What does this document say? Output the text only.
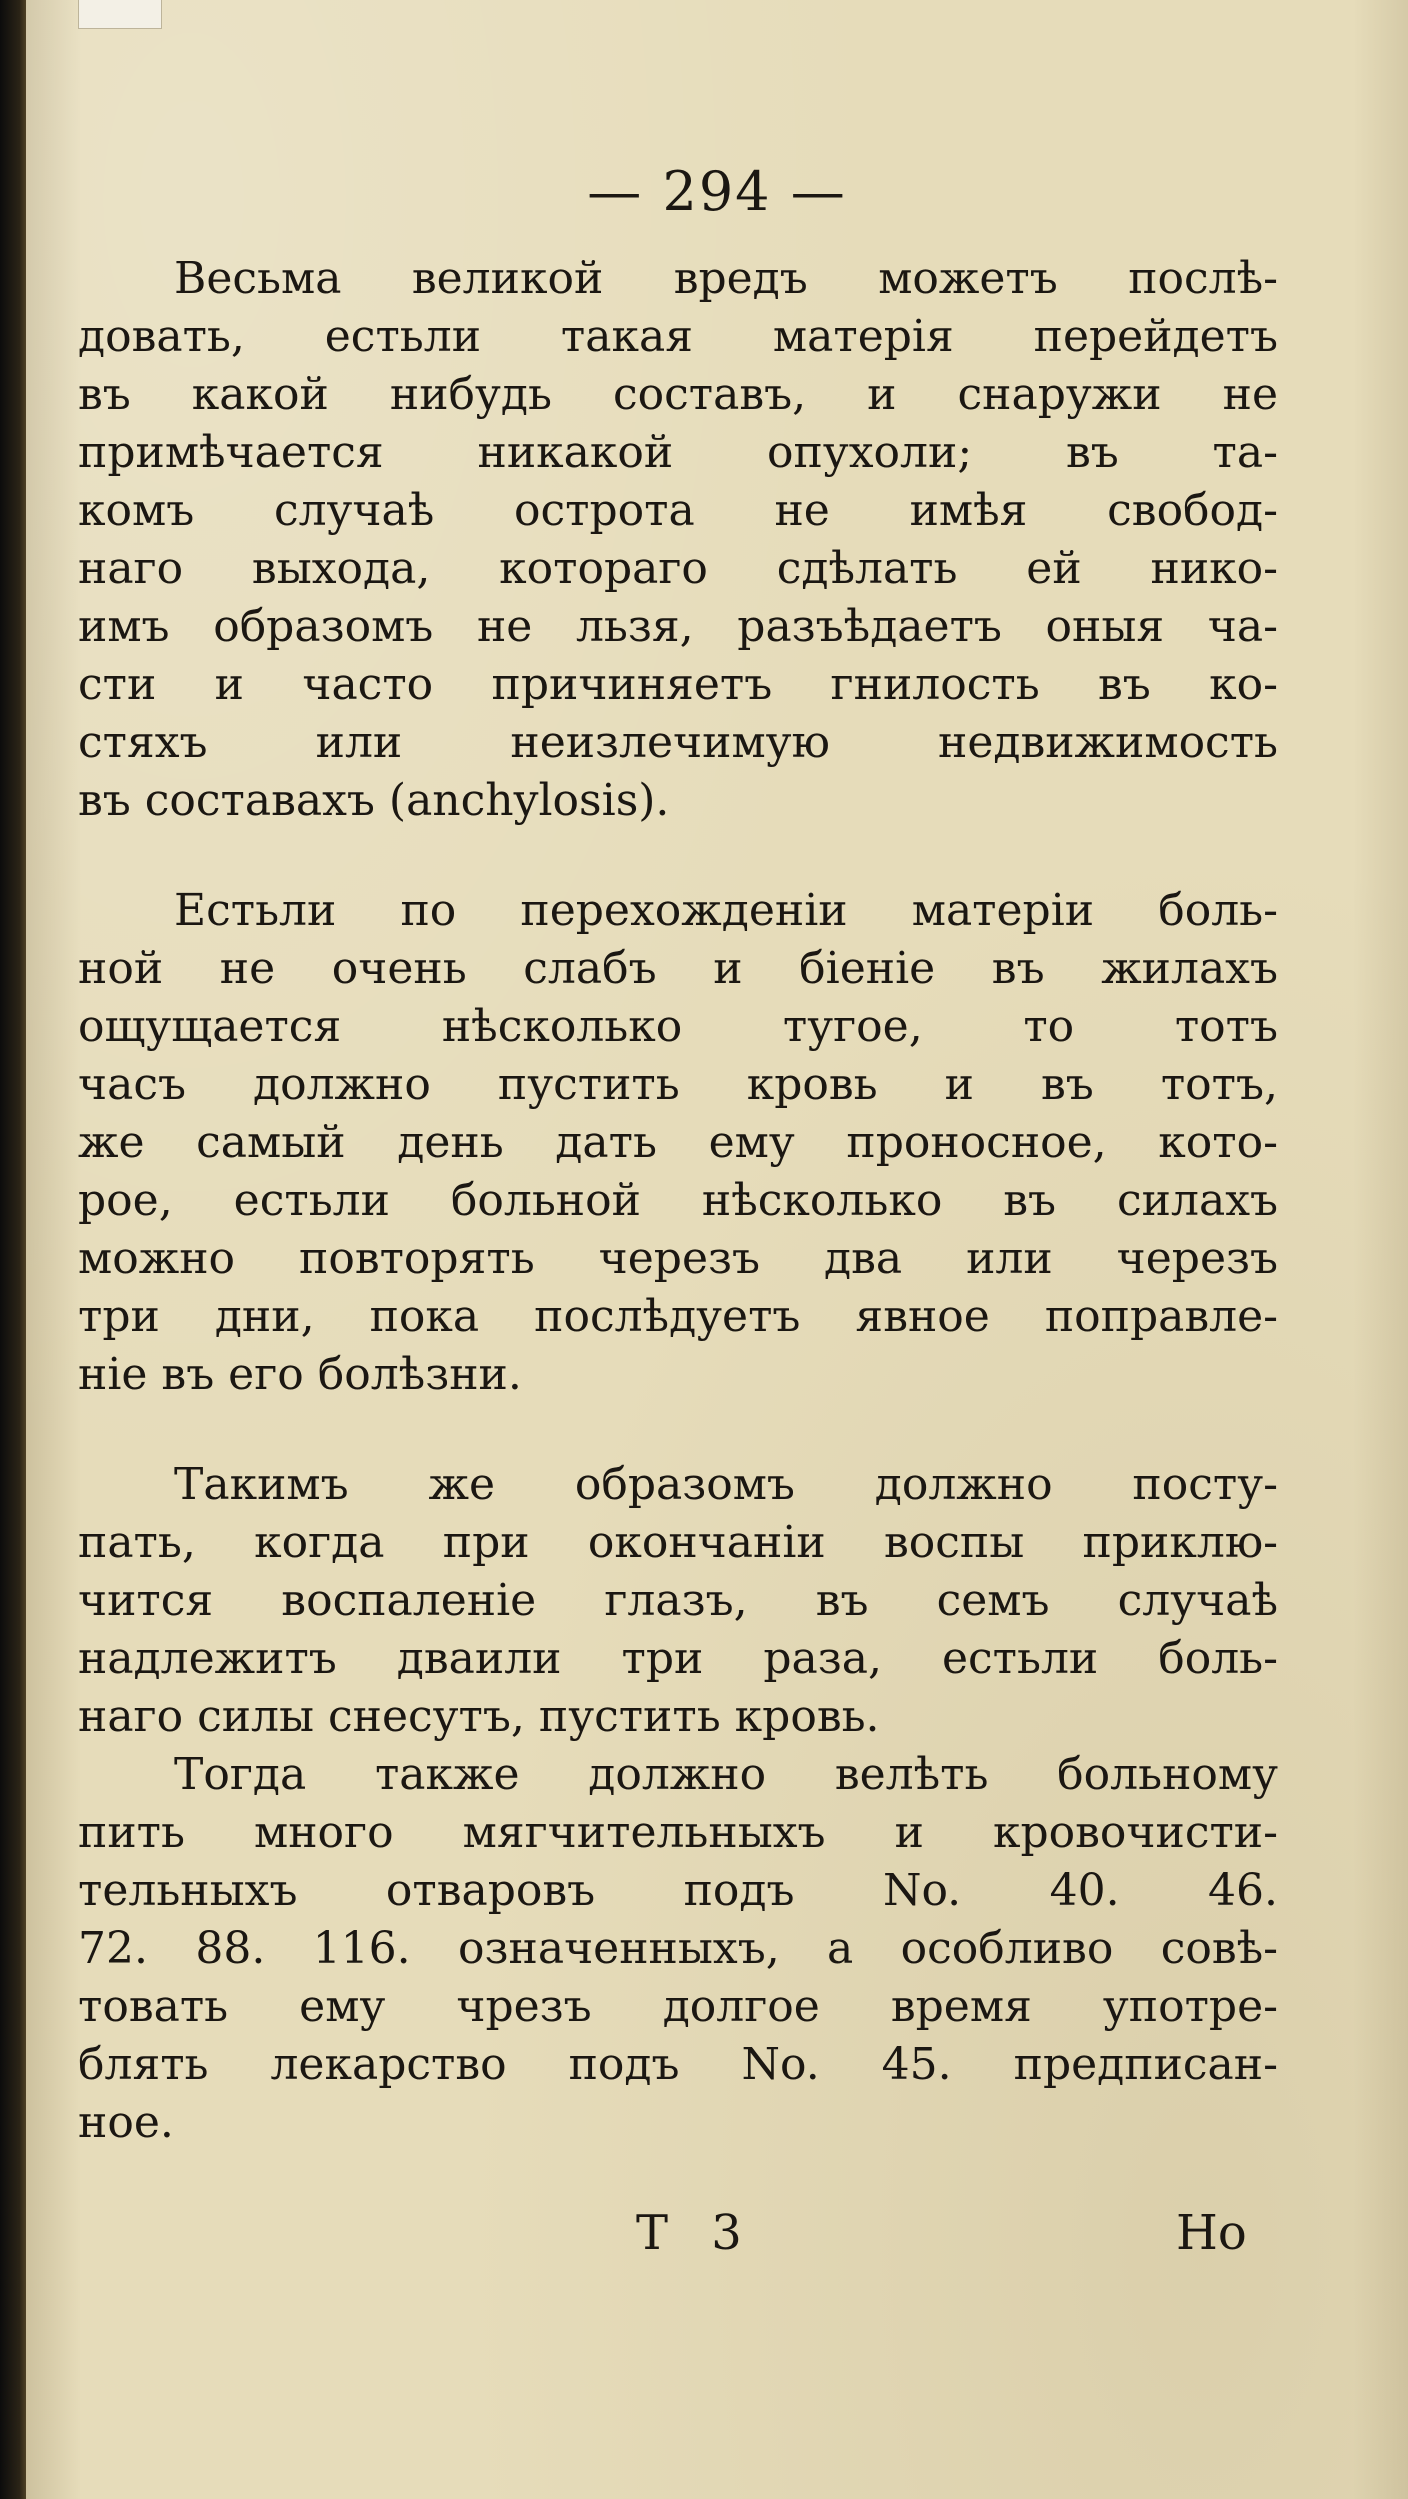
— 294 —
Весьма великой вредъ можетъ послѣ-
довать, естьли такая матерія перейдетъ
въ какой нибудь составъ, и снаружи не
примѣчается никакой опухоли; въ та-
комъ случаѣ острота не имѣя свобод-
наго выхода, котораго сдѣлать ей нико-
имъ образомъ не льзя, разъѣдаетъ оныя ча-
сти и часто причиняетъ гнилость въ ко-
стяхъ или неизлечимую недвижимость
въ составахъ (anchylosis).
Естьли по перехожденіи матеріи боль-
ной не очень слабъ и біеніе въ жилахъ
ощущается нѣсколько тугое, то тотъ
часъ должно пустить кровь и въ тотъ,
же самый день дать ему проносное, кото-
рое, естьли больной нѣсколько въ силахъ
можно повторять черезъ два или черезъ
три дни, пока послѣдуетъ явное поправле-
ніе въ его болѣзни.
Такимъ же образомъ должно посту-
пать, когда при окончаніи воспы приклю-
чится воспаленіе глазъ, въ семъ случаѣ
надлежитъ дваили три раза, естьли боль-
наго силы снесутъ, пустить кровь.
Тогда также должно велѣть больному
пить много мягчительныхъ и кровочисти-
тельныхъ отваровъ подъ No. 40. 46.
72. 88. 116. означенныхъ, а особливо совѣ-
товать ему чрезъ долгое время употре-
блять лекарство подъ No. 45. предписан-
ное.
T 3	Но
